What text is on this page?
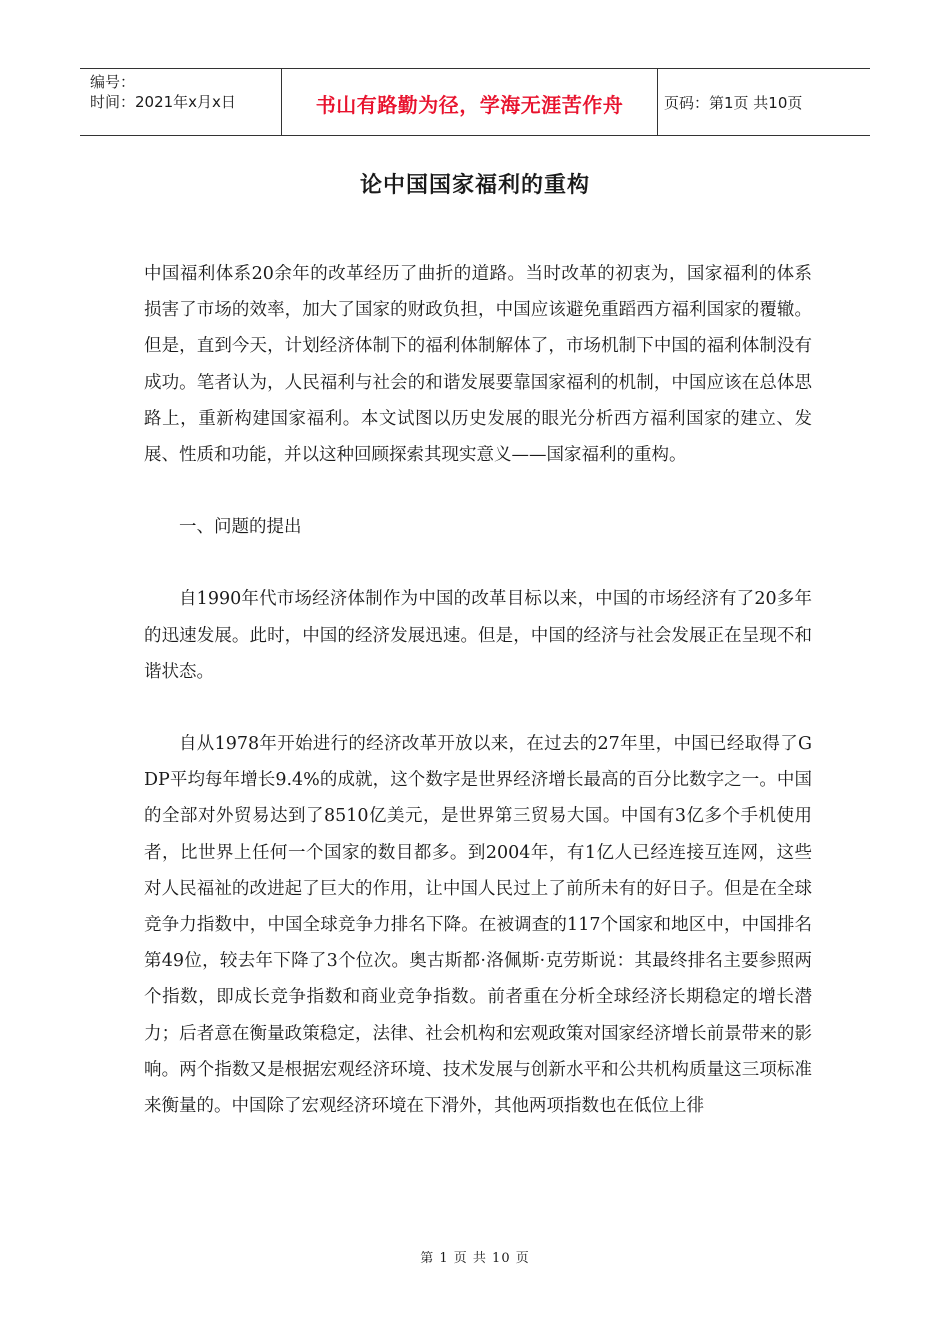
编号：
时间：2021年x月x日	书山有路勤为径，学海无涯苦作舟	页码：第1页 共10页
论中国国家福利的重构

中国福利体系20余年的改革经历了曲折的道路。当时改革的初衷为，国家福利的体系损害了市场的效率，加大了国家的财政负担，中国应该避免重蹈西方福利国家的覆辙。但是，直到今天，计划经济体制下的福利体制解体了，市场机制下中国的福利体制没有成功。笔者认为，人民福利与社会的和谐发展要靠国家福利的机制，中国应该在总体思路上，重新构建国家福利。本文试图以历史发展的眼光分析西方福利国家的建立、发展、性质和功能，并以这种回顾探索其现实意义——国家福利的重构。

一、问题的提出

自1990年代市场经济体制作为中国的改革目标以来，中国的市场经济有了20多年的迅速发展。此时，中国的经济发展迅速。但是，中国的经济与社会发展正在呈现不和谐状态。

自从1978年开始进行的经济改革开放以来，在过去的27年里，中国已经取得了GDP平均每年增长9.4%的成就，这个数字是世界经济增长最高的百分比数字之一。中国的全部对外贸易达到了8510亿美元，是世界第三贸易大国。中国有3亿多个手机使用者，比世界上任何一个国家的数目都多。到2004年，有1亿人已经连接互连网，这些对人民福祉的改进起了巨大的作用，让中国人民过上了前所未有的好日子。但是在全球竞争力指数中，中国全球竞争力排名下降。在被调查的117个国家和地区中，中国排名第49位，较去年下降了3个位次。奥古斯都·洛佩斯·克劳斯说：其最终排名主要参照两个指数，即成长竞争指数和商业竞争指数。前者重在分析全球经济长期稳定的增长潜力；后者意在衡量政策稳定，法律、社会机构和宏观政策对国家经济增长前景带来的影响。两个指数又是根据宏观经济环境、技术发展与创新水平和公共机构质量这三项标准来衡量的。中国除了宏观经济环境在下滑外，其他两项指数也在低位上徘

第 1 页 共 10 页
